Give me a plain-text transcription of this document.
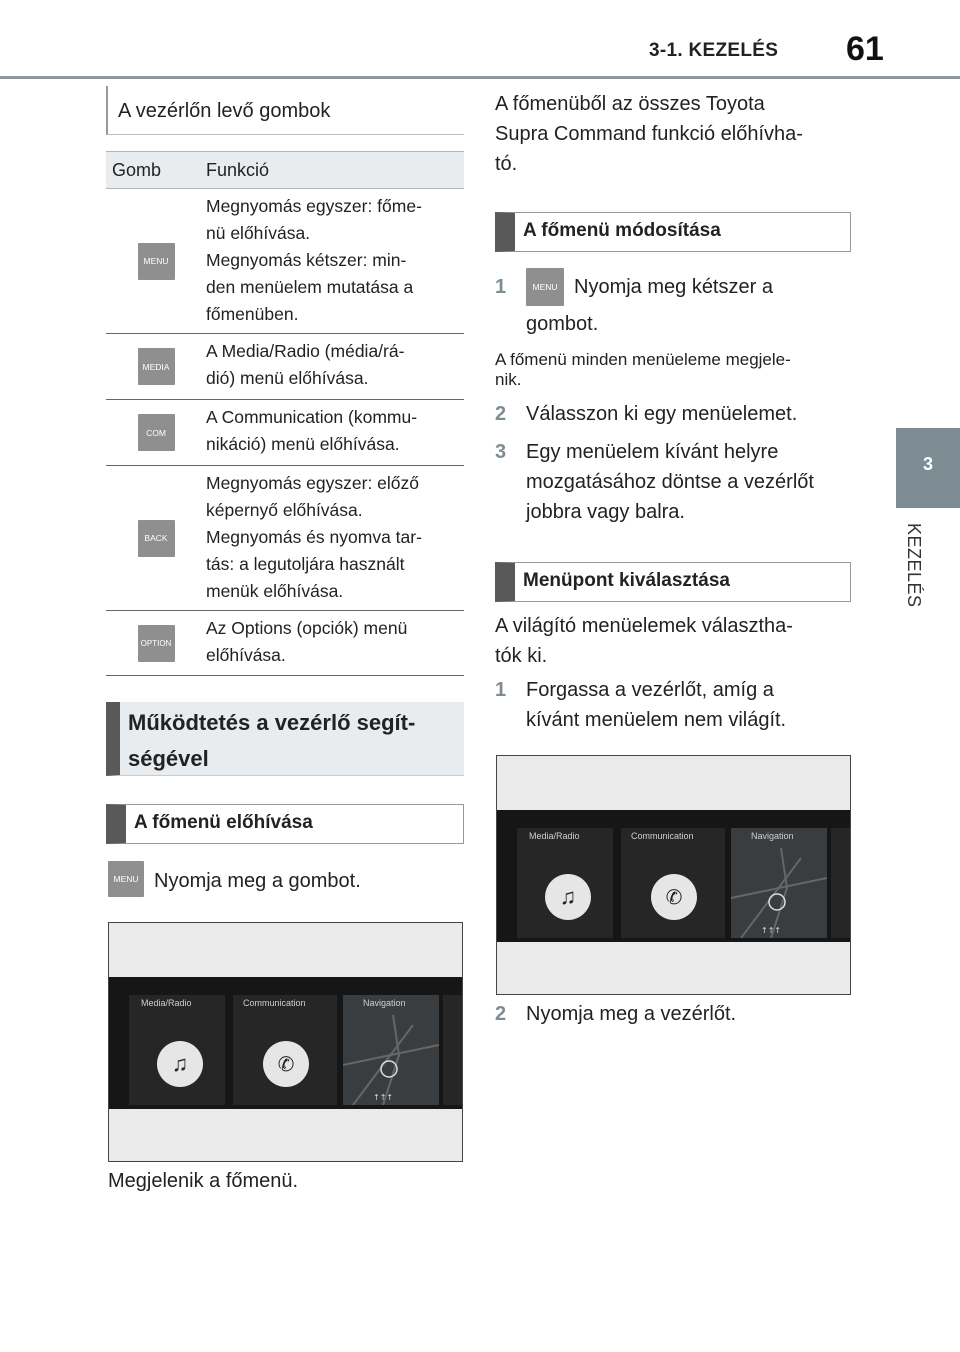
3-1. KEZELÉS 61
3
KEZELÉS
A vezérlőn levő gombok
Gomb	Funkció
MENU
Megnyomás egyszer: főme-
nü előhívása.
Megnyomás kétszer: min-
den menüelem mutatása a
főmenüben.
MEDIA
A Media/Radio (média/rá-
dió) menü előhívása.
COM
A Communication (kommu-
nikáció) menü előhívása.
BACK
Megnyomás egyszer: előző
képernyő előhívása.
Megnyomás és nyomva tar-
tás: a legutoljára használt
menük előhívása.
OPTION
Az Options (opciók) menü
előhívása.
Működtetés a vezérlő segít-
ségével
A főmenü előhívása
MENU Nyomja meg a gombot.
Media/Radio
♫
Communication
✆
Navigation
↑↑↑
Megjelenik a főmenü.
A főmenüből az összes Toyota
Supra Command funkció előhívha-
tó.
A főmenü módosítása
1	MENU Nyomja meg kétszer a
gombot.
A főmenü minden menüeleme megjele-
nik.
2 Válasszon ki egy menüelemet.
3 Egy menüelem kívánt helyre
mozgatásához döntse a vezérlőt
jobbra vagy balra.
Menüpont kiválasztása
A világító menüelemek választha-
tók ki.
1 Forgassa a vezérlőt, amíg a
kívánt menüelem nem világít.
Media/Radio
♫
Communication
✆
Navigation
↑↑↑
2 Nyomja meg a vezérlőt.
